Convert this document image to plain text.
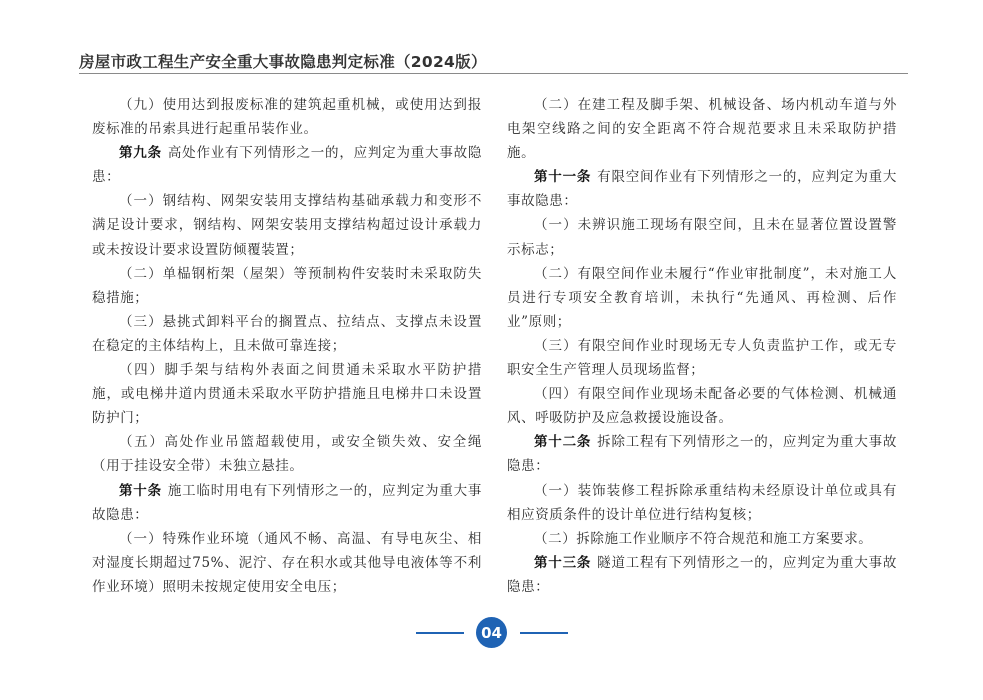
房屋市政工程生产安全重大事故隐患判定标准（2024版）

（九）使用达到报废标准的建筑起重机械，或使用达到报废标准的吊索具进行起重吊装作业。

第九条 高处作业有下列情形之一的，应判定为重大事故隐患：

（一）钢结构、网架安装用支撑结构基础承载力和变形不满足设计要求，钢结构、网架安装用支撑结构超过设计承载力或未按设计要求设置防倾覆装置；

（二）单榀钢桁架（屋架）等预制构件安装时未采取防失稳措施；

（三）悬挑式卸料平台的搁置点、拉结点、支撑点未设置在稳定的主体结构上，且未做可靠连接；

（四）脚手架与结构外表面之间贯通未采取水平防护措施，或电梯井道内贯通未采取水平防护措施且电梯井口未设置防护门；

（五）高处作业吊篮超载使用，或安全锁失效、安全绳（用于挂设安全带）未独立悬挂。

第十条 施工临时用电有下列情形之一的，应判定为重大事故隐患：

（一）特殊作业环境（通风不畅、高温、有导电灰尘、相对湿度长期超过75%、泥泞、存在积水或其他导电液体等不利作业环境）照明未按规定使用安全电压；

（二）在建工程及脚手架、机械设备、场内机动车道与外电架空线路之间的安全距离不符合规范要求且未采取防护措施。

第十一条 有限空间作业有下列情形之一的，应判定为重大事故隐患：

（一）未辨识施工现场有限空间，且未在显著位置设置警示标志；

（二）有限空间作业未履行“作业审批制度”，未对施工人员进行专项安全教育培训，未执行“先通风、再检测、后作业”原则；

（三）有限空间作业时现场无专人负责监护工作，或无专职安全生产管理人员现场监督；

（四）有限空间作业现场未配备必要的气体检测、机械通风、呼吸防护及应急救援设施设备。

第十二条 拆除工程有下列情形之一的，应判定为重大事故隐患：

（一）装饰装修工程拆除承重结构未经原设计单位或具有相应资质条件的设计单位进行结构复核；

（二）拆除施工作业顺序不符合规范和施工方案要求。

第十三条 隧道工程有下列情形之一的，应判定为重大事故隐患：

04
